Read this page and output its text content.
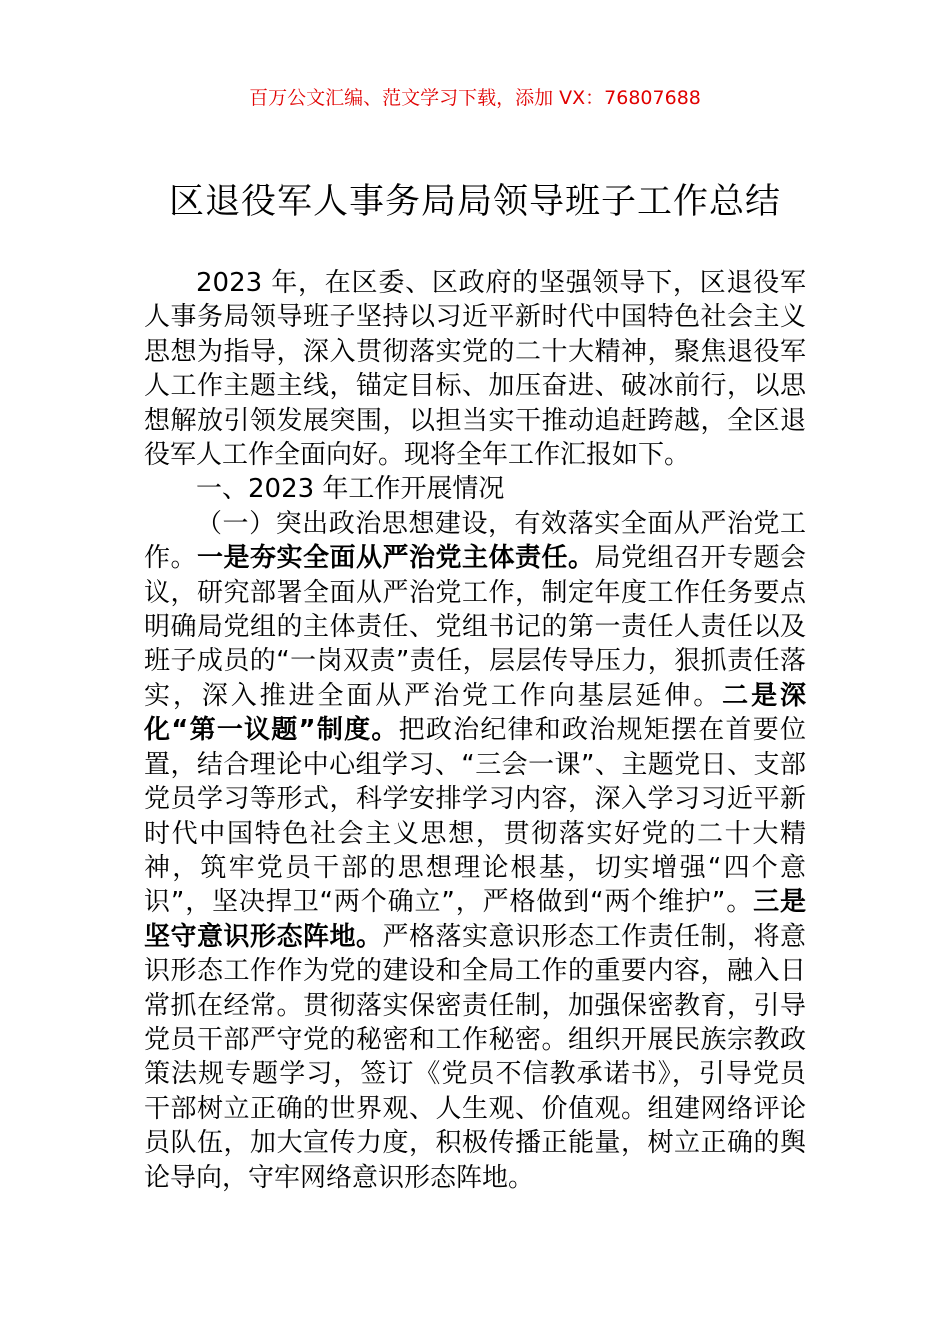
百万公文汇编、范文学习下载，添加 VX：76807688
区退役军人事务局局领导班子工作总结

2023 年，在区委、区政府的坚强领导下，区退役军人事务局领导班子坚持以习近平新时代中国特色社会主义思想为指导，深入贯彻落实党的二十大精神，聚焦退役军人工作主题主线，锚定目标、加压奋进、破冰前行，以思想解放引领发展突围，以担当实干推动追赶跨越，全区退役军人工作全面向好。现将全年工作汇报如下。

一、2023 年工作开展情况

（一）突出政治思想建设，有效落实全面从严治党工作。一是夯实全面从严治党主体责任。局党组召开专题会议，研究部署全面从严治党工作，制定年度工作任务要点明确局党组的主体责任、党组书记的第一责任人责任以及班子成员的“一岗双责”责任，层层传导压力，狠抓责任落实，深入推进全面从严治党工作向基层延伸。二是深化“第一议题”制度。把政治纪律和政治规矩摆在首要位置，结合理论中心组学习、“三会一课”、主题党日、支部党员学习等形式，科学安排学习内容，深入学习习近平新时代中国特色社会主义思想，贯彻落实好党的二十大精神，筑牢党员干部的思想理论根基，切实增强“四个意识”，坚决捍卫“两个确立”，严格做到“两个维护”。三是坚守意识形态阵地。严格落实意识形态工作责任制，将意识形态工作作为党的建设和全局工作的重要内容，融入日常抓在经常。贯彻落实保密责任制，加强保密教育，引导党员干部严守党的秘密和工作秘密。组织开展民族宗教政策法规专题学习，签订《党员不信教承诺书》，引导党员干部树立正确的世界观、人生观、价值观。组建网络评论员队伍，加大宣传力度，积极传播正能量，树立正确的舆论导向，守牢网络意识形态阵地。
